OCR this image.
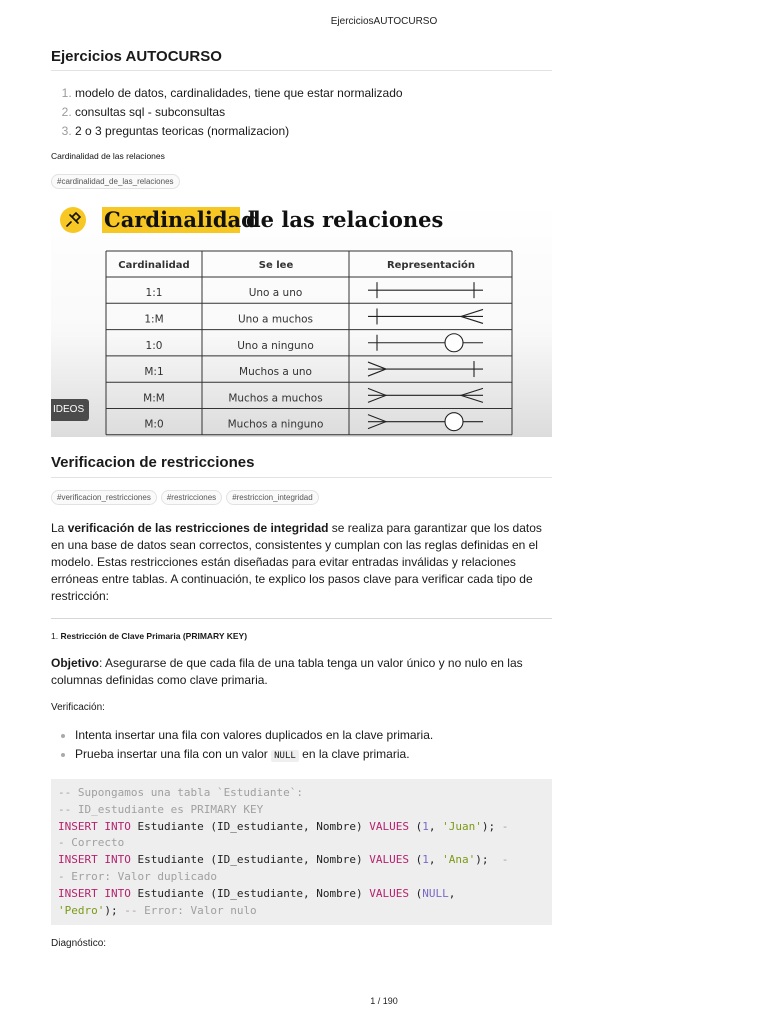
EjerciciosAUTOCURSO
Ejercicios AUTOCURSO
1. modelo de datos, cardinalidades, tiene que estar normalizado
2. consultas sql - subconsultas
3. 2 o 3 preguntas teoricas (normalizacion)
Cardinalidad de las relaciones
#cardinalidad_de_las_relaciones
Cardinalidad
de las relaciones
Cardinalidad	Se lee	Representación
1:1	Uno a uno
1:M	Uno a muchos
1:0	Uno a ninguno
M:1	Muchos a uno
M:M	Muchos a muchos
M:0	Muchos a ninguno
IDEOS
Verificacion de restricciones
#verificacion_restricciones	#restricciones	#restriccion_integridad

La verificación de las restricciones de integridad se realiza para garantizar que los datos en una base de datos sean correctos, consistentes y cumplan con las reglas definidas en el modelo. Estas restricciones están diseñadas para evitar entradas inválidas y relaciones erróneas entre tablas. A continuación, te explico los pasos clave para verificar cada tipo de restricción:

1. Restricción de Clave Primaria (PRIMARY KEY)

Objetivo: Asegurarse de que cada fila de una tabla tenga un valor único y no nulo en las columnas definidas como clave primaria.

Verificación:
• Intenta insertar una fila con valores duplicados en la clave primaria.
• Prueba insertar una fila con un valor NULL en la clave primaria.
-- Supongamos una tabla `Estudiante`:
-- ID_estudiante es PRIMARY KEY
INSERT INTO Estudiante (ID_estudiante, Nombre) VALUES (1, 'Juan'); -
- Correcto
INSERT INTO Estudiante (ID_estudiante, Nombre) VALUES (1, 'Ana');  -
- Error: Valor duplicado
INSERT INTO Estudiante (ID_estudiante, Nombre) VALUES (NULL,
'Pedro'); -- Error: Valor nulo
Diagnóstico:
1 / 190
